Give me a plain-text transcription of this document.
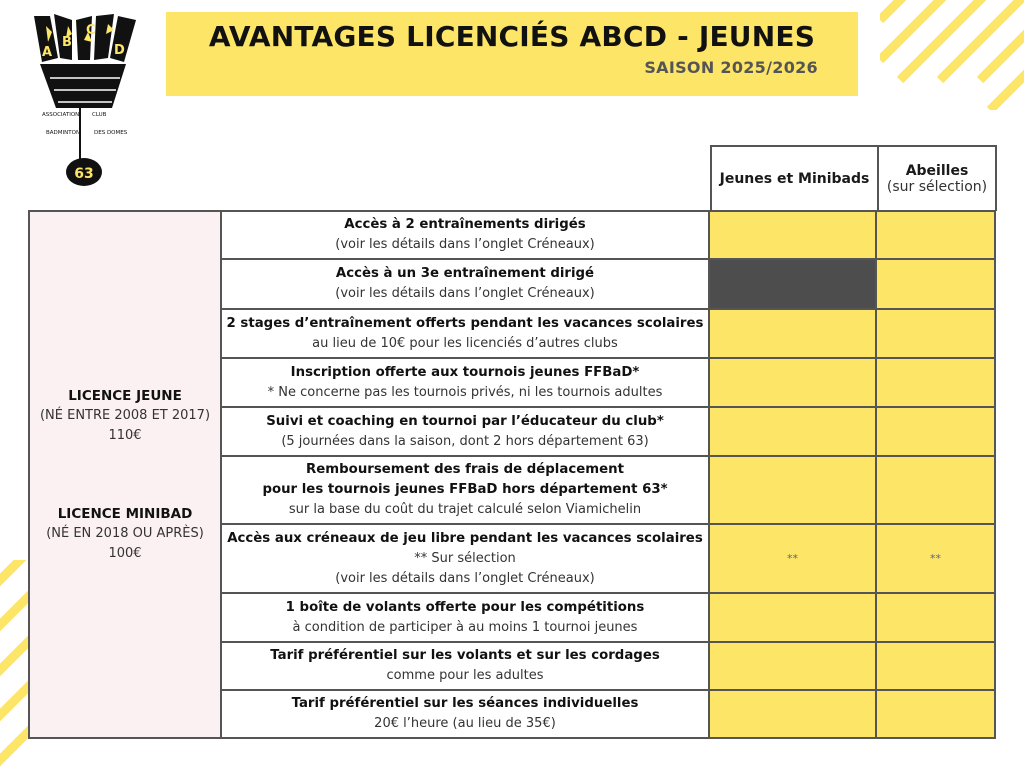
A
B
C
D
ASSOCIATION
BADMINTON
CLUB
DES DOMES
63
AVANTAGES LICENCIÉS ABCD - JEUNES
SAISON 2025/2026
Jeunes et Minibads	Abeilles
(sur sélection)
LICENCE JEUNE
(NÉ ENTRE 2008 ET 2017)
110€
LICENCE MINIBAD
(NÉ EN 2018 OU APRÈS)
100€
Accès à 2 entraînements dirigés
(voir les détails dans l’onglet Créneaux)
Accès à un 3e entraînement dirigé
(voir les détails dans l’onglet Créneaux)
2 stages d’entraînement offerts pendant les vacances scolaires
au lieu de 10€ pour les licenciés d’autres clubs
Inscription offerte aux tournois jeunes FFBaD*
* Ne concerne pas les tournois privés, ni les tournois adultes
Suivi et coaching en tournoi par l’éducateur du club*
(5 journées dans la saison, dont 2 hors département 63)
Remboursement des frais de déplacement
pour les tournois jeunes FFBaD hors département 63*
sur la base du coût du trajet calculé selon Viamichelin
Accès aux créneaux de jeu libre pendant les vacances scolaires
** Sur sélection
(voir les détails dans l’onglet Créneaux)
**	**
1 boîte de volants offerte pour les compétitions
à condition de participer à au moins 1 tournoi jeunes
Tarif préférentiel sur les volants et sur les cordages
comme pour les adultes
Tarif préférentiel sur les séances individuelles
20€ l’heure (au lieu de 35€)
